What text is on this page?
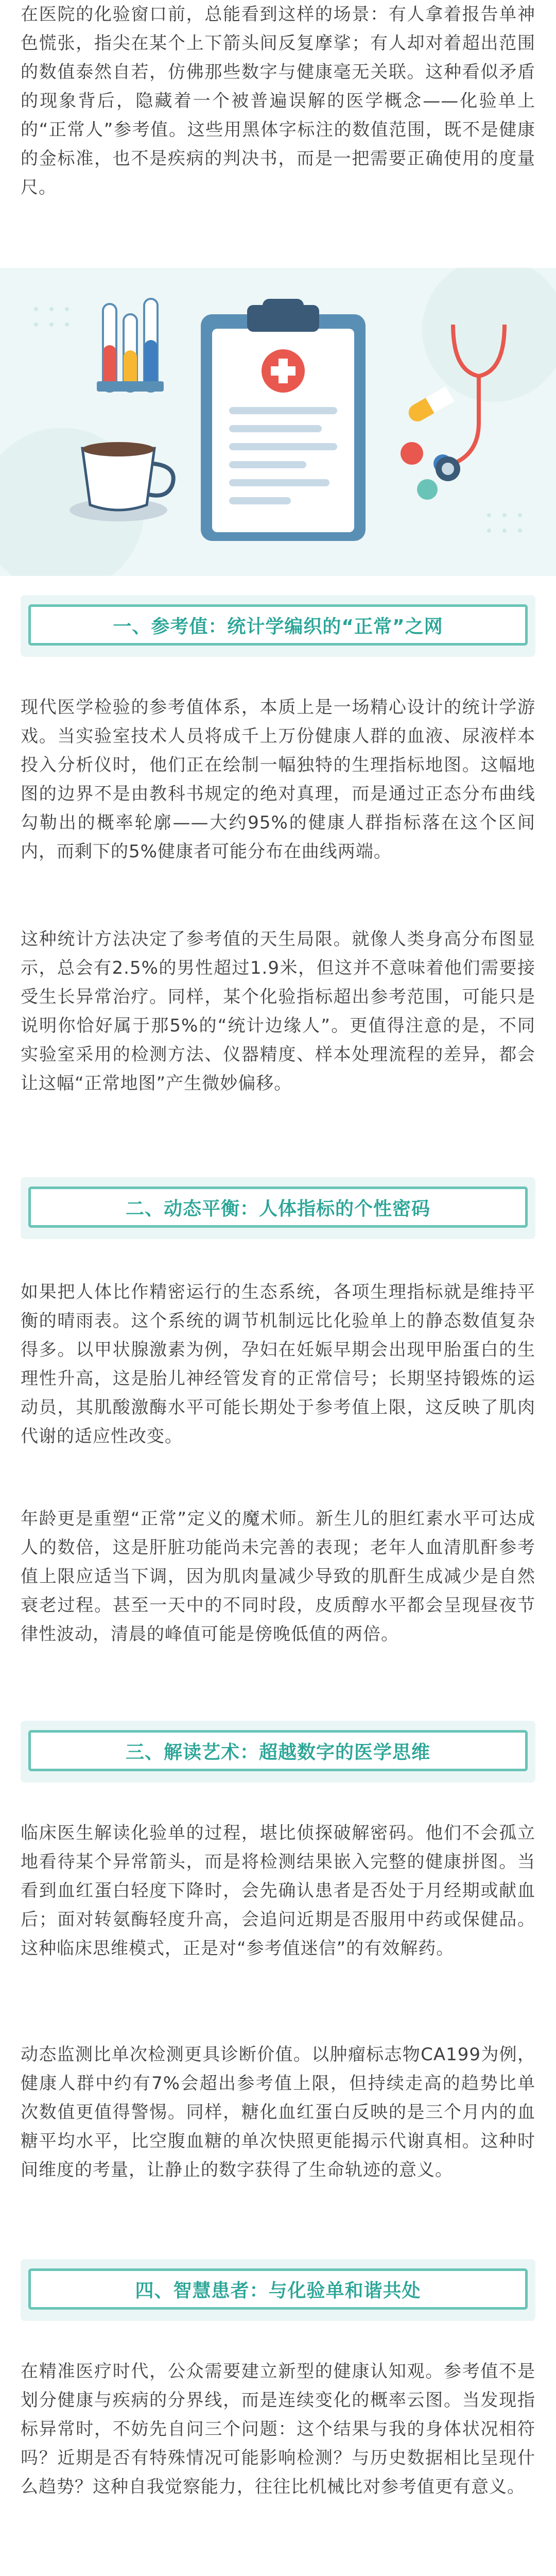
在医院的化验窗口前，总能看到这样的场景：有人拿着报告单神色慌张，指尖在某个上下箭头间反复摩挲；有人却对着超出范围的数值泰然自若，仿佛那些数字与健康毫无关联。这种看似矛盾的现象背后，隐藏着一个被普遍误解的医学概念——化验单上的“正常人”参考值。这些用黑体字标注的数值范围，既不是健康的金标准，也不是疾病的判决书，而是一把需要正确使用的度量尺。

一、参考值：统计学编织的“正常”之网

现代医学检验的参考值体系，本质上是一场精心设计的统计学游戏。当实验室技术人员将成千上万份健康人群的血液、尿液样本投入分析仪时，他们正在绘制一幅独特的生理指标地图。这幅地图的边界不是由教科书规定的绝对真理，而是通过正态分布曲线勾勒出的概率轮廓——大约95%的健康人群指标落在这个区间内，而剩下的5%健康者可能分布在曲线两端。

这种统计方法决定了参考值的天生局限。就像人类身高分布图显示，总会有2.5%的男性超过1.9米，但这并不意味着他们需要接受生长异常治疗。同样，某个化验指标超出参考范围，可能只是说明你恰好属于那5%的“统计边缘人”。更值得注意的是，不同实验室采用的检测方法、仪器精度、样本处理流程的差异，都会让这幅“正常地图”产生微妙偏移。

二、动态平衡：人体指标的个性密码

如果把人体比作精密运行的生态系统，各项生理指标就是维持平衡的晴雨表。这个系统的调节机制远比化验单上的静态数值复杂得多。以甲状腺激素为例，孕妇在妊娠早期会出现甲胎蛋白的生理性升高，这是胎儿神经管发育的正常信号；长期坚持锻炼的运动员，其肌酸激酶水平可能长期处于参考值上限，这反映了肌肉代谢的适应性改变。

年龄更是重塑“正常”定义的魔术师。新生儿的胆红素水平可达成人的数倍，这是肝脏功能尚未完善的表现；老年人血清肌酐参考值上限应适当下调，因为肌肉量减少导致的肌酐生成减少是自然衰老过程。甚至一天中的不同时段，皮质醇水平都会呈现昼夜节律性波动，清晨的峰值可能是傍晚低值的两倍。

三、解读艺术：超越数字的医学思维

临床医生解读化验单的过程，堪比侦探破解密码。他们不会孤立地看待某个异常箭头，而是将检测结果嵌入完整的健康拼图。当看到血红蛋白轻度下降时，会先确认患者是否处于月经期或献血后；面对转氨酶轻度升高，会追问近期是否服用中药或保健品。这种临床思维模式，正是对“参考值迷信”的有效解药。

动态监测比单次检测更具诊断价值。以肿瘤标志物CA199为例，健康人群中约有7%会超出参考值上限，但持续走高的趋势比单次数值更值得警惕。同样，糖化血红蛋白反映的是三个月内的血糖平均水平，比空腹血糖的单次快照更能揭示代谢真相。这种时间维度的考量，让静止的数字获得了生命轨迹的意义。

四、智慧患者：与化验单和谐共处

在精准医疗时代，公众需要建立新型的健康认知观。参考值不是划分健康与疾病的分界线，而是连续变化的概率云图。当发现指标异常时，不妨先自问三个问题：这个结果与我的身体状况相符吗？近期是否有特殊情况可能影响检测？与历史数据相比呈现什么趋势？这种自我觉察能力，往往比机械比对参考值更有意义。
